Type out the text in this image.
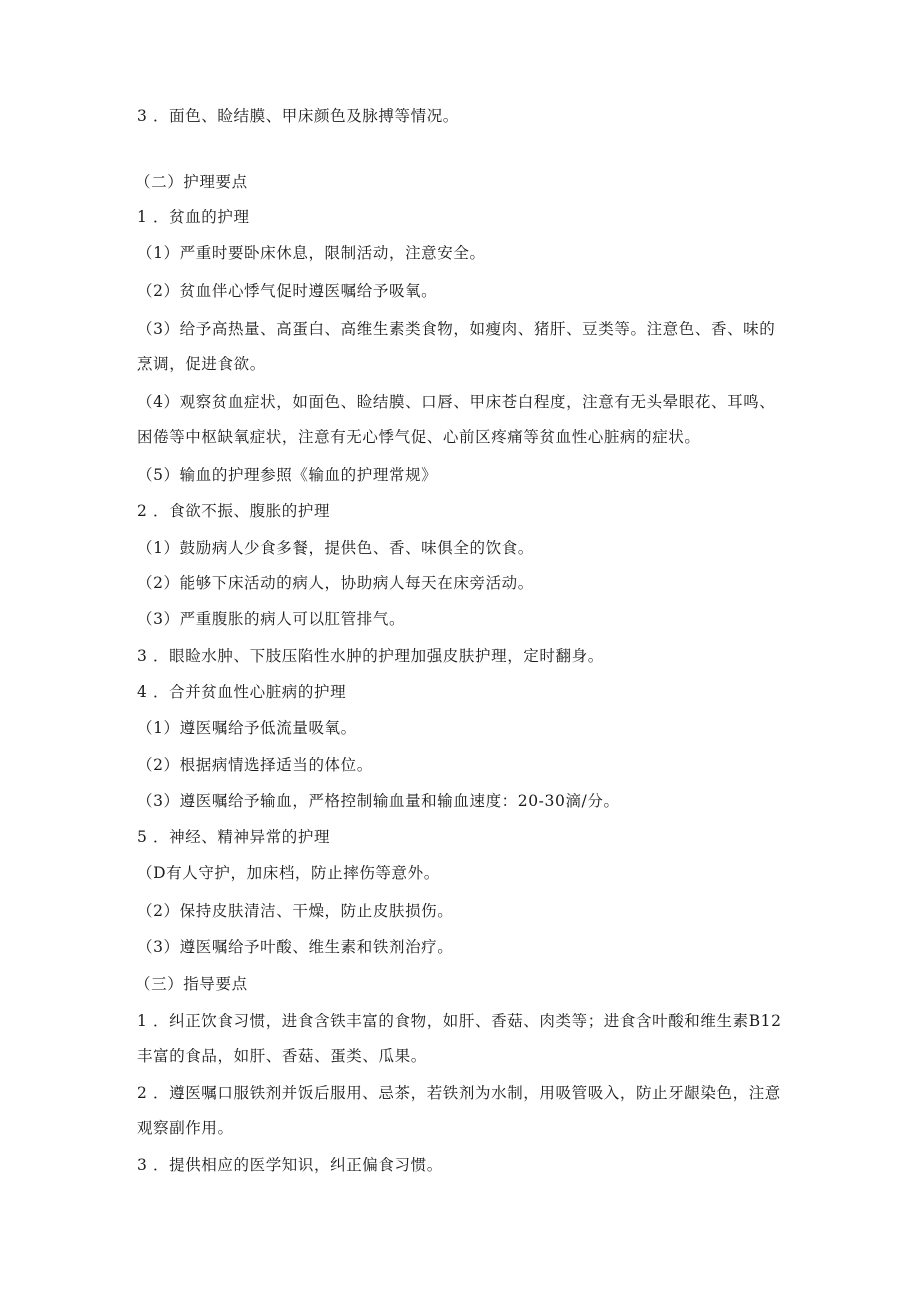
3 ．面色、睑结膜、甲床颜色及脉搏等情况。
（二）护理要点
1 ．贫血的护理
（1）严重时要卧床休息，限制活动，注意安全。
（2）贫血伴心悸气促时遵医嘱给予吸氧。
（3）给予高热量、高蛋白、高维生素类食物，如瘦肉、猪肝、豆类等。注意色、香、味的烹调，促进食欲。
（4）观察贫血症状，如面色、睑结膜、口唇、甲床苍白程度，注意有无头晕眼花、耳鸣、困倦等中枢缺氧症状，注意有无心悸气促、心前区疼痛等贫血性心脏病的症状。
（5）输血的护理参照《输血的护理常规》
2 ．食欲不振、腹胀的护理
（1）鼓励病人少食多餐，提供色、香、味俱全的饮食。
（2）能够下床活动的病人，协助病人每天在床旁活动。
（3）严重腹胀的病人可以肛管排气。
3 ．眼睑水肿、下肢压陷性水肿的护理加强皮肤护理，定时翻身。
4 ．合并贫血性心脏病的护理
（1）遵医嘱给予低流量吸氧。
（2）根据病情选择适当的体位。
（3）遵医嘱给予输血，严格控制输血量和输血速度：20-30滴/分。
5 ．神经、精神异常的护理
（D有人守护，加床档，防止摔伤等意外。
（2）保持皮肤清洁、干燥，防止皮肤损伤。
（3）遵医嘱给予叶酸、维生素和铁剂治疗。
（三）指导要点
1 ．纠正饮食习惯，进食含铁丰富的食物，如肝、香菇、肉类等；进食含叶酸和维生素B12丰富的食品，如肝、香菇、蛋类、瓜果。
2 ．遵医嘱口服铁剂并饭后服用、忌茶，若铁剂为水制，用吸管吸入，防止牙龈染色，注意观察副作用。
3 ．提供相应的医学知识，纠正偏食习惯。
